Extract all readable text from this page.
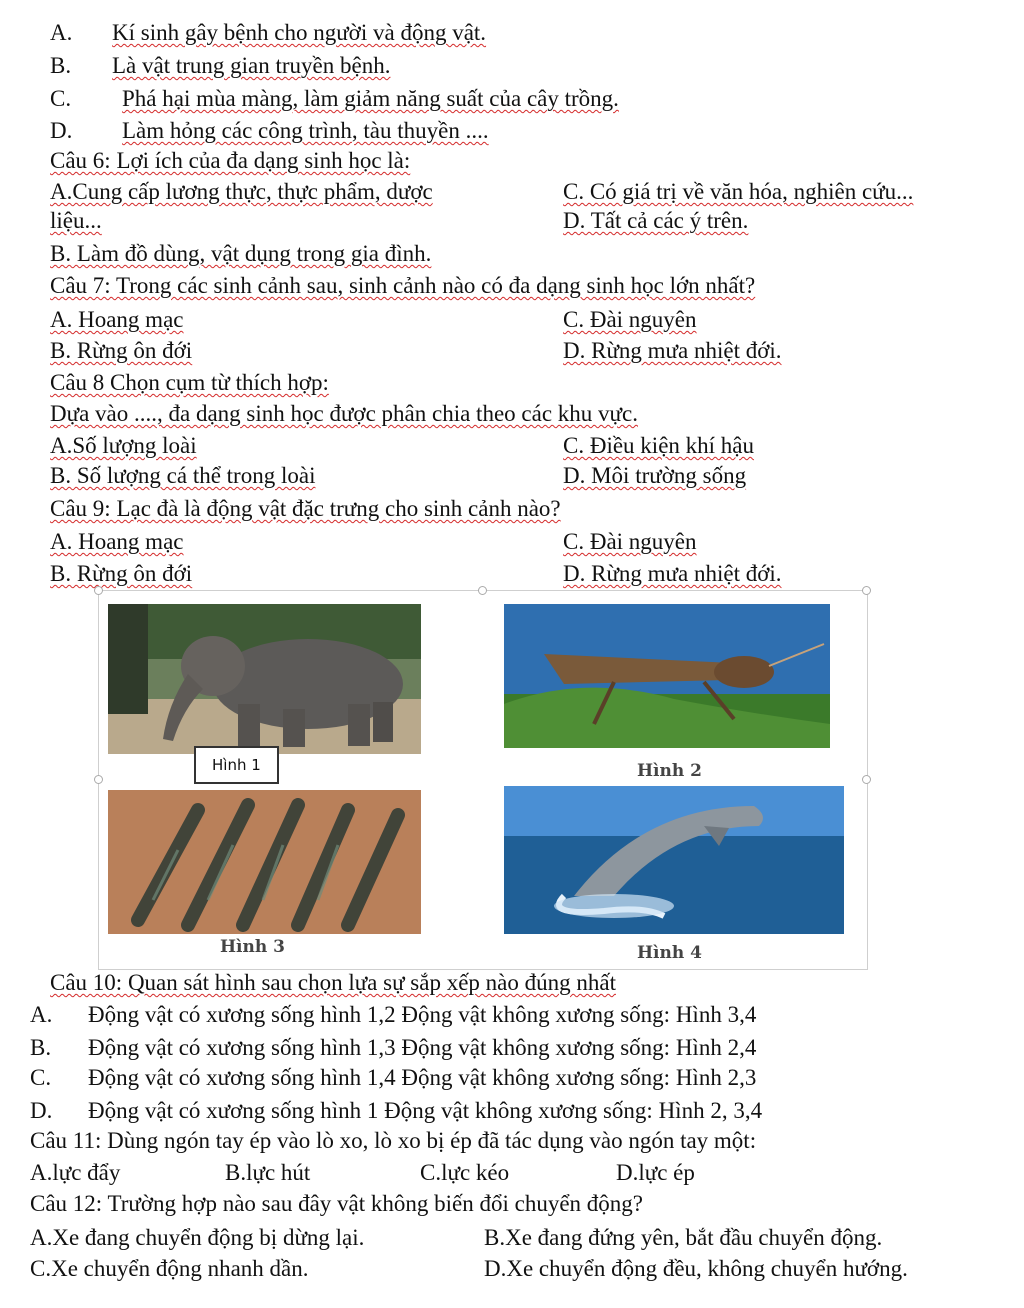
A. Kí sinh gây bệnh cho người và động vật.
B. Là vật trung gian truyền bệnh.
C. Phá hại mùa màng, làm giảm năng suất của cây trồng.
D. Làm hỏng các công trình, tàu thuyền ....
Câu 6: Lợi ích của đa dạng sinh học là:
A.Cung cấp lương thực, thực phẩm, dược
liệu...
C. Có giá trị về văn hóa, nghiên cứu...
D. Tất cả các ý trên.
B. Làm đồ dùng, vật dụng trong gia đình.
Câu 7: Trong các sinh cảnh sau, sinh cảnh nào có đa dạng sinh học lớn nhất?
A. Hoang mạc	C. Đài nguyên
B. Rừng ôn đới	D. Rừng mưa nhiệt đới.
Câu 8 Chọn cụm từ thích hợp:
Dựa vào ...., đa dạng sinh học được phân chia theo các khu vực.
A.Số lượng loài	C. Điều kiện khí hậu
B. Số lượng cá thể trong loài	D. Môi trường sống
Câu 9: Lạc đà là động vật đặc trưng cho sinh cảnh nào?
A. Hoang mạc	C. Đài nguyên
B. Rừng ôn đới	D. Rừng mưa nhiệt đới.
Hình 1	Hình 2
Hình 3	Hình 4
Câu 10: Quan sát hình sau chọn lựa sự sắp xếp nào đúng nhất
A. Động vật có xương sống hình 1,2 Động vật không xương sống: Hình 3,4
B. Động vật có xương sống hình 1,3 Động vật không xương sống: Hình 2,4
C. Động vật có xương sống hình 1,4 Động vật không xương sống: Hình 2,3
D. Động vật có xương sống hình 1 Động vật không xương sống: Hình 2, 3,4
Câu 11: Dùng ngón tay ép vào lò xo, lò xo bị ép đã tác dụng vào ngón tay một:
A.lực đẩy	B.lực hút	C.lực kéo	D.lực ép
Câu 12: Trường hợp nào sau đây vật không biến đổi chuyển động?
A.Xe đang chuyển động bị dừng lại.	B.Xe đang đứng yên, bắt đầu chuyển động.
C.Xe chuyển động nhanh dần.	D.Xe chuyển động đều, không chuyển hướng.
